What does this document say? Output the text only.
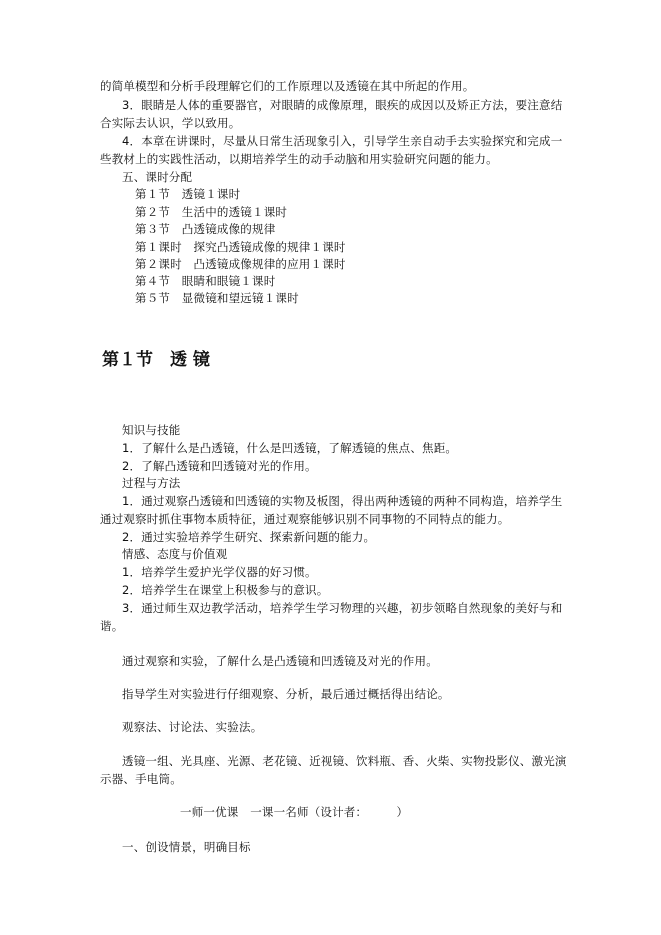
的简单模型和分析手段理解它们的工作原理以及透镜在其中所起的作用。
3．眼睛是人体的重要器官，对眼睛的成像原理，眼疾的成因以及矫正方法，要注意结
合实际去认识，学以致用。
4．本章在讲课时，尽量从日常生活现象引入，引导学生亲自动手去实验探究和完成一
些教材上的实践性活动，以期培养学生的动手动脑和用实验研究问题的能力。
五、课时分配
第１节　透镜１课时
第２节　生活中的透镜１课时
第３节　凸透镜成像的规律
第１课时　探究凸透镜成像的规律１课时
第２课时　凸透镜成像规律的应用１课时
第４节　眼睛和眼镜１课时
第５节　显微镜和望远镜１课时
第１节　透 镜
知识与技能
1．了解什么是凸透镜，什么是凹透镜，了解透镜的焦点、焦距。
2．了解凸透镜和凹透镜对光的作用。
过程与方法
1．通过观察凸透镜和凹透镜的实物及板图，得出两种透镜的两种不同构造，培养学生
通过观察时抓住事物本质特征，通过观察能够识别不同事物的不同特点的能力。
2．通过实验培养学生研究、探索新问题的能力。
情感、态度与价值观
1．培养学生爱护光学仪器的好习惯。
2．培养学生在课堂上积极参与的意识。
3．通过师生双边教学活动，培养学生学习物理的兴趣，初步领略自然现象的美好与和
谐。
通过观察和实验，了解什么是凸透镜和凹透镜及对光的作用。
指导学生对实验进行仔细观察、分析，最后通过概括得出结论。
观察法、讨论法、实验法。
透镜一组、光具座、光源、老花镜、近视镜、饮料瓶、香、火柴、实物投影仪、激光演
示器、手电筒。
一师一优课　一课一名师（设计者：　　　）
一、创设情景，明确目标
